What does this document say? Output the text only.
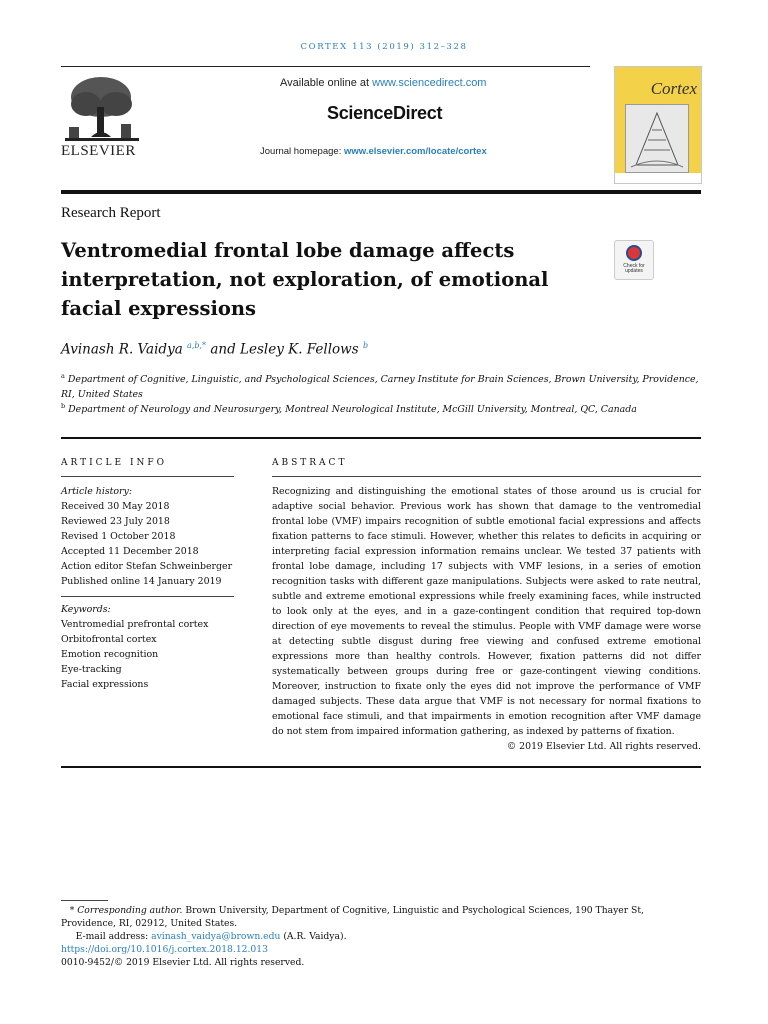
CORTEX 113 (2019) 312–328
ELSEVIER
Available online at www.sciencedirect.com
ScienceDirect
Journal homepage: www.elsevier.com/locate/cortex
Cortex
Research Report
Ventromedial frontal lobe damage affects interpretation, not exploration, of emotional facial expressions
Check for updates
Avinash R. Vaidya $^{a,b,*}$ and Lesley K. Fellows $^b$
$^a$ Department of Cognitive, Linguistic, and Psychological Sciences, Carney Institute for Brain Sciences, Brown University, Providence, RI, United States
$^b$ Department of Neurology and Neurosurgery, Montreal Neurological Institute, McGill University, Montreal, QC, Canada
ARTICLE INFO	ABSTRACT
Article history:
Received 30 May 2018
Reviewed 23 July 2018
Revised 1 October 2018
Accepted 11 December 2018
Action editor Stefan Schweinberger
Published online 14 January 2019
Keywords:
Ventromedial prefrontal cortex
Orbitofrontal cortex
Emotion recognition
Eye-tracking
Facial expressions
Recognizing and distinguishing the emotional states of those around us is crucial for adaptive social behavior. Previous work has shown that damage to the ventromedial frontal lobe (VMF) impairs recognition of subtle emotional facial expressions and affects fixation patterns to face stimuli. However, whether this relates to deficits in acquiring or interpreting facial expression information remains unclear. We tested 37 patients with frontal lobe damage, including 17 subjects with VMF lesions, in a series of emotion recognition tasks with different gaze manipulations. Subjects were asked to rate neutral, subtle and extreme emotional expressions while freely examining faces, while instructed to look only at the eyes, and in a gaze-contingent condition that required top-down direction of eye movements to reveal the stimulus. People with VMF damage were worse at detecting subtle disgust during free viewing and confused extreme emotional expressions more than healthy controls. However, fixation patterns did not differ systematically between groups during free or gaze-contingent viewing conditions. Moreover, instruction to fixate only the eyes did not improve the performance of VMF damaged subjects. These data argue that VMF is not necessary for normal fixations to emotional face stimuli, and that impairments in emotion recognition after VMF damage do not stem from impaired information gathering, as indexed by patterns of fixation.
© 2019 Elsevier Ltd. All rights reserved.
* Corresponding author. Brown University, Department of Cognitive, Linguistic and Psychological Sciences, 190 Thayer St, Providence, RI, 02912, United States.
E-mail address: avinash_vaidya@brown.edu (A.R. Vaidya).
https://doi.org/10.1016/j.cortex.2018.12.013
0010-9452/© 2019 Elsevier Ltd. All rights reserved.
